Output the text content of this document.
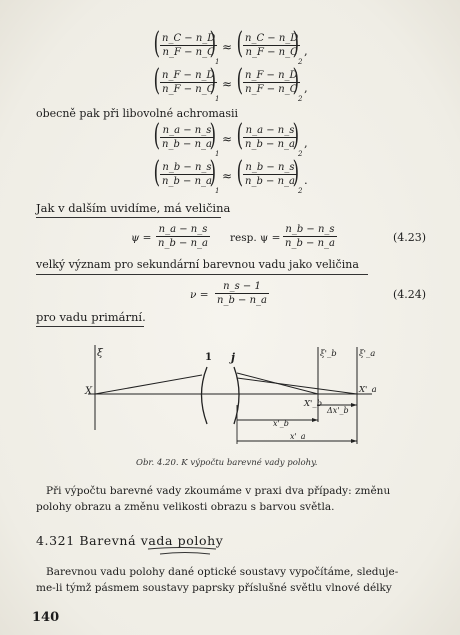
( n_C − n_D
n_F − n_C
)
1
≈ ( n_C − n_D
n_F − n_C
)
2
,
( n_F − n_D
n_F − n_C
)
1
≈ ( n_F − n_D
n_F − n_C
)
2
,
obecně pak při libovolné achromasii
( n_a − n_s
n_b − n_a
)
1
≈ ( n_a − n_s
n_b − n_a
)
2
,
( n_b − n_s
n_b − n_a
)
1
≈ ( n_b − n_s
n_b − n_a
)
2
.
Jak v dalším uvidíme, má veličina
ψ =
n_a − n_s
n_b − n_a resp. ψ =
n_b − n_s
n_b − n_a	(4.23)
velký význam pro sekundární barevnou vadu jako veličina
ν =
n_s − 1
n_b − n_a	(4.24)
pro vadu primární.
ξ	1 j	ξ'_b	ξ'_a
X
X'_b
X'_a
Δx'_b
x'_b
x'_a
Obr. 4.20. K výpočtu barevné vady polohy.
Při výpočtu barevné vady zkoumáme v praxi dva případy: změnu
polohy obrazu a změnu velikosti obrazu s barvou světla.
4.321 Barevná vada polohy
Barevnou vadu polohy dané optické soustavy vypočítáme, sleduje-
me-li týmž pásmem soustavy paprsky příslušné světlu vlnové délky
140
